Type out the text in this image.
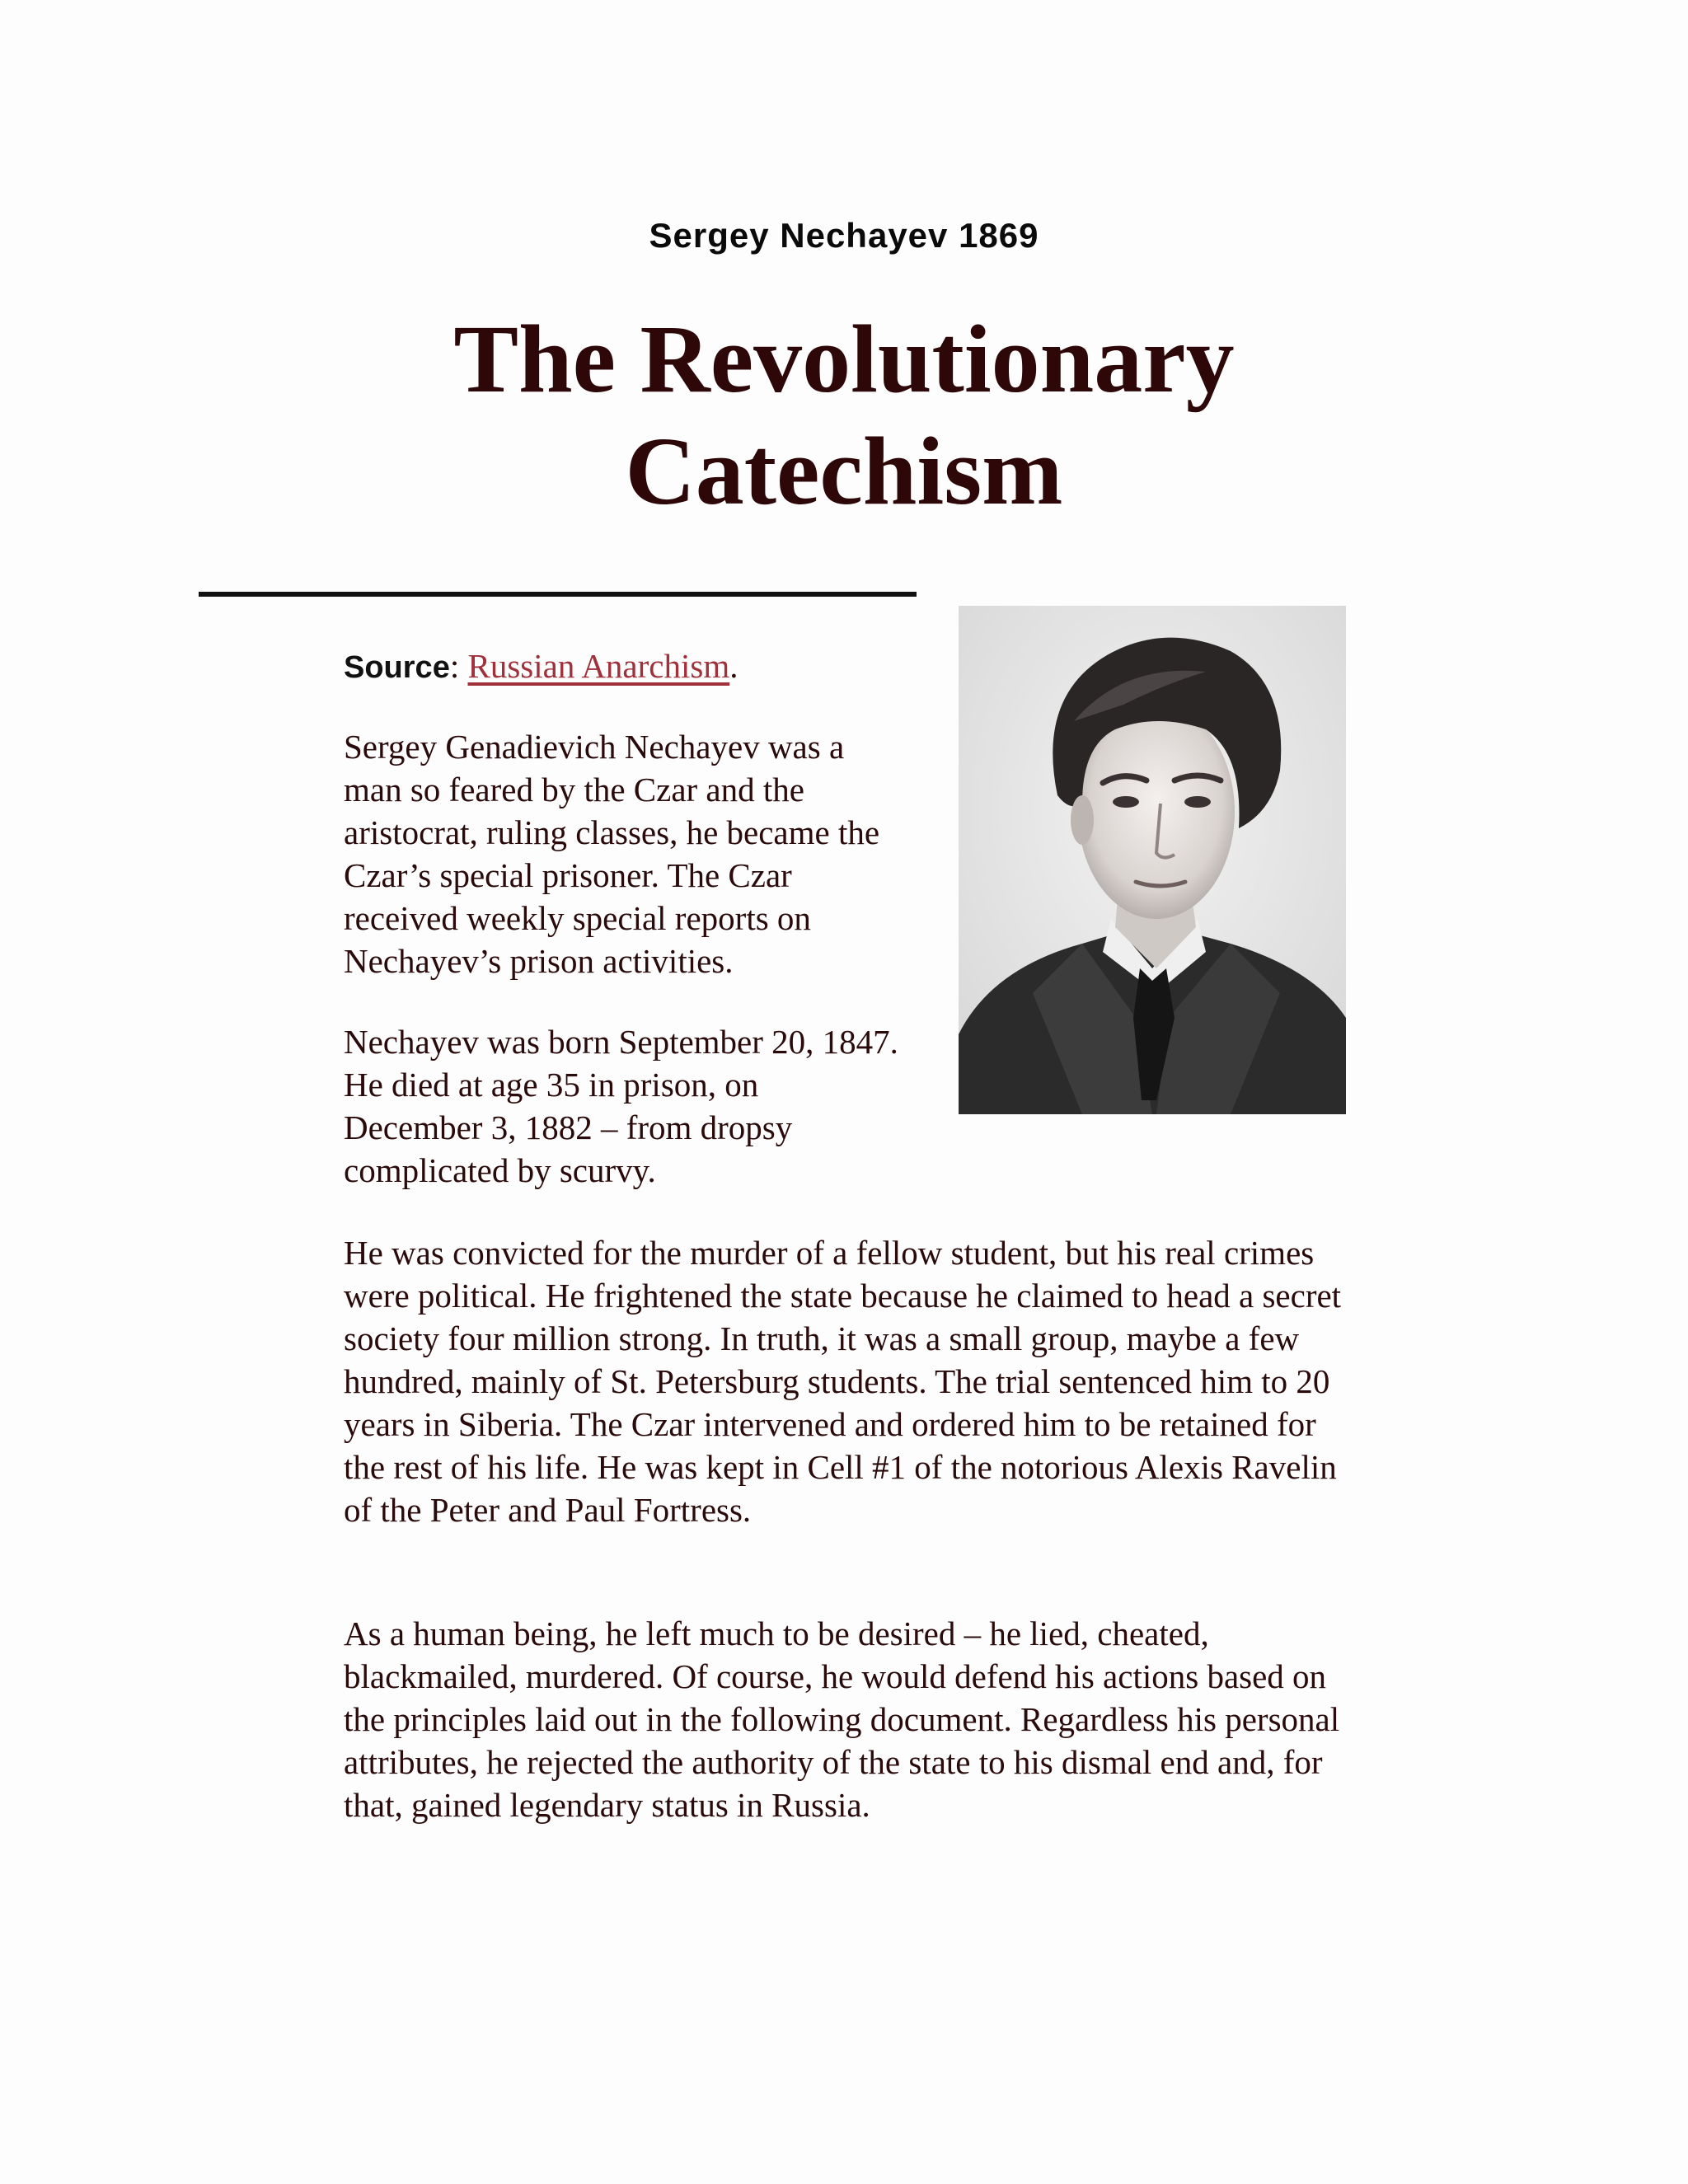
Sergey Nechayev 1869
The Revolutionary
Catechism
Source: Russian Anarchism.

Sergey Genadievich Nechayev was a man so feared by the Czar and the aristocrat, ruling classes, he became the Czar’s special prisoner. The Czar received weekly special reports on Nechayev’s prison activities.

Nechayev was born September 20, 1847. He died at age 35 in prison, on December 3, 1882 – from dropsy complicated by scurvy.

He was convicted for the murder of a fellow student, but his real crimes were political. He frightened the state because he claimed to head a secret society four million strong. In truth, it was a small group, maybe a few hundred, mainly of St. Petersburg students. The trial sentenced him to 20 years in Siberia. The Czar intervened and ordered him to be retained for the rest of his life. He was kept in Cell #1 of the notorious Alexis Ravelin of the Peter and Paul Fortress.

As a human being, he left much to be desired – he lied, cheated, blackmailed, murdered. Of course, he would defend his actions based on the principles laid out in the following document. Regardless his personal attributes, he rejected the authority of the state to his dismal end and, for that, gained legendary status in Russia.
